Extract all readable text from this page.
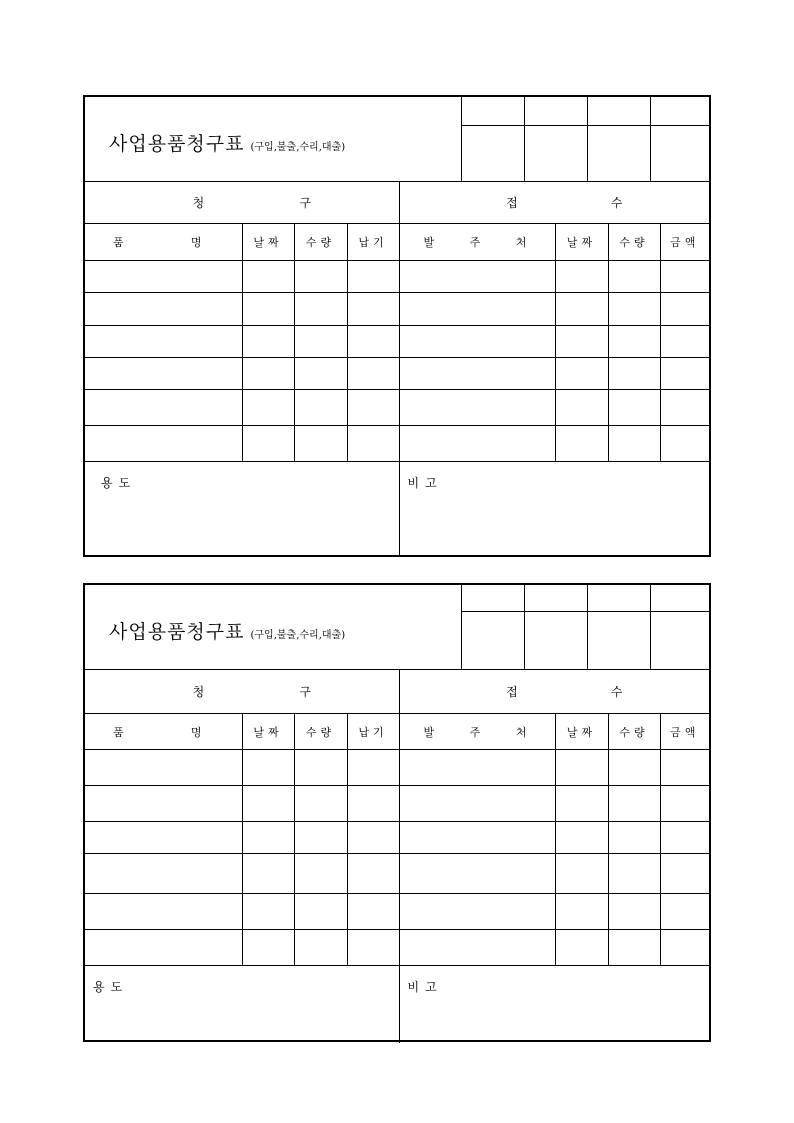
사업용품청구표 (구입,불출,수리,대출)				

청 구				접 수			

품 명	날짜	수량	납기	발 주 처	날짜	수량	금액

용도				비고			
사업용품청구표 (구입,불출,수리,대출)				

청 구				접 수			

품 명	날짜	수량	납기	발 주 처	날짜	수량	금액

용도				비고			
